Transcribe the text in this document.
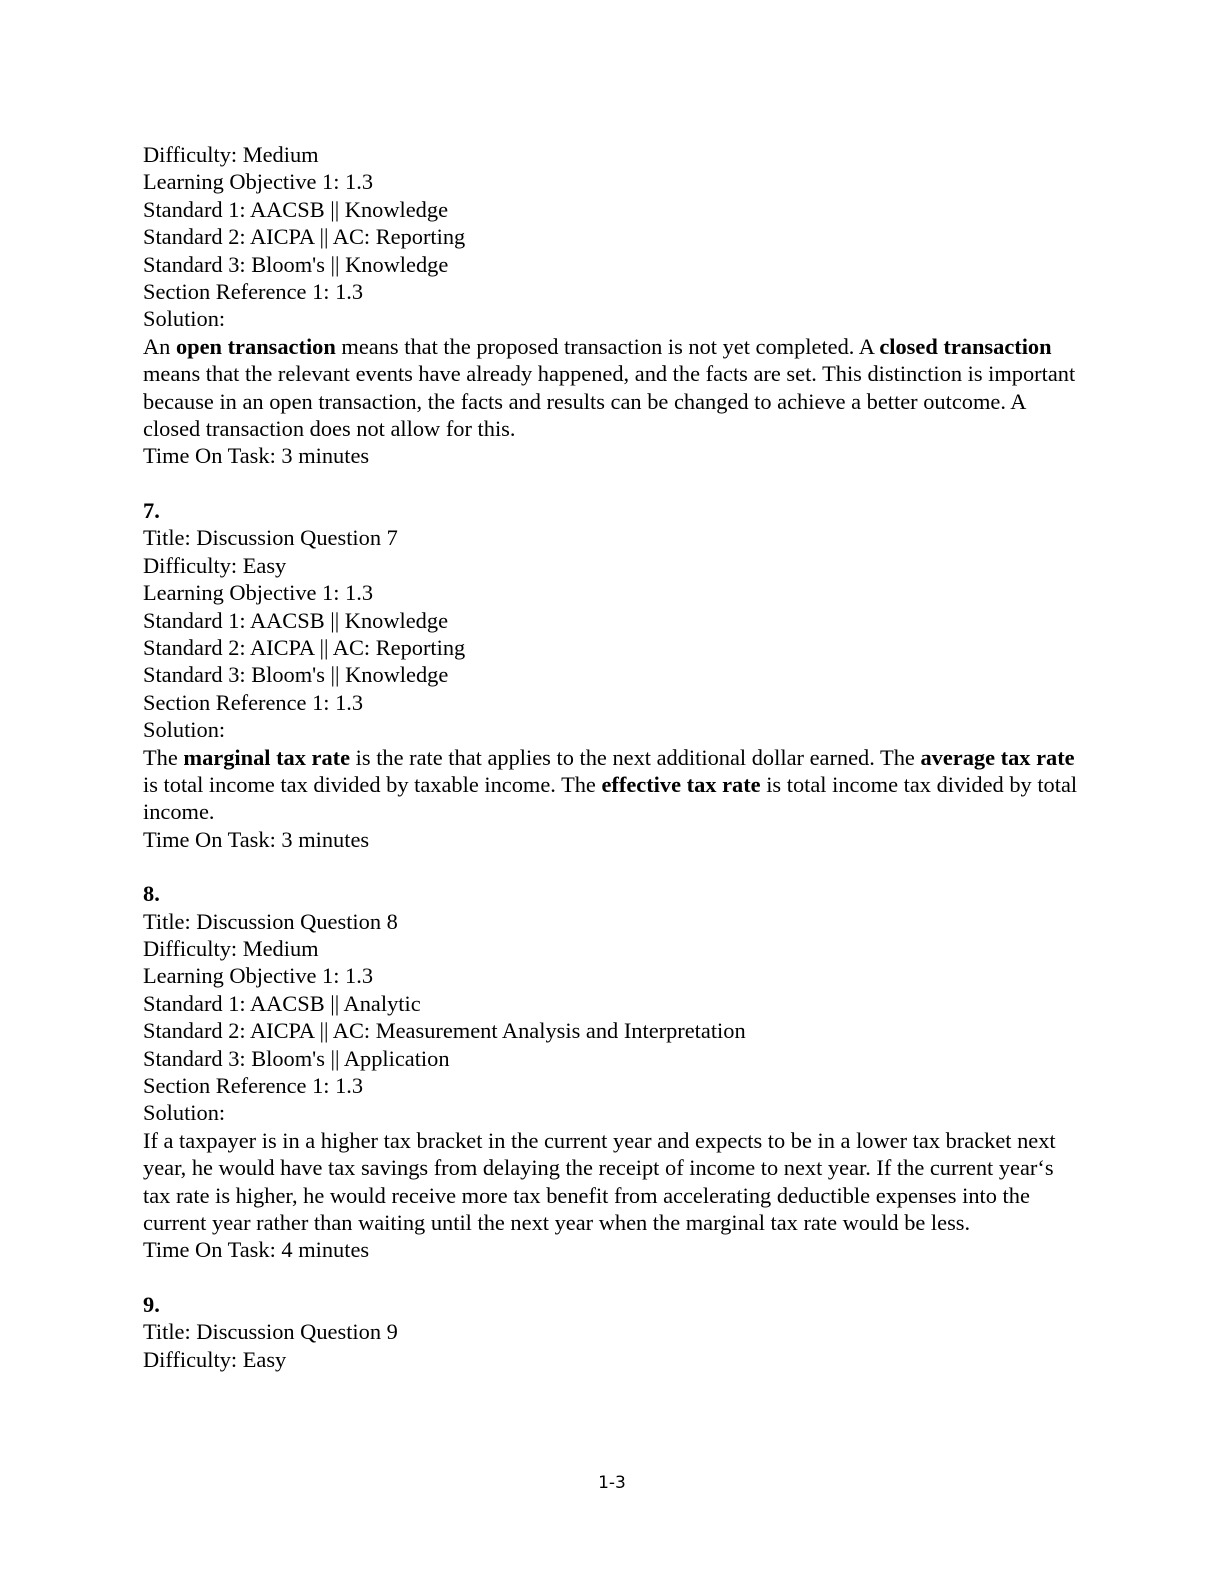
Difficulty: Medium
Learning Objective 1: 1.3
Standard 1: AACSB || Knowledge
Standard 2: AICPA || AC: Reporting
Standard 3: Bloom's || Knowledge
Section Reference 1: 1.3
Solution:

An open transaction means that the proposed transaction is not yet completed. A closed transaction means that the relevant events have already happened, and the facts are set. This distinction is important because in an open transaction, the facts and results can be changed to achieve a better outcome. A closed transaction does not allow for this.

Time On Task: 3 minutes
7.
Title: Discussion Question 7
Difficulty: Easy
Learning Objective 1: 1.3
Standard 1: AACSB || Knowledge
Standard 2: AICPA || AC: Reporting
Standard 3: Bloom's || Knowledge
Section Reference 1: 1.3
Solution:

The marginal tax rate is the rate that applies to the next additional dollar earned. The average tax rate is total income tax divided by taxable income. The effective tax rate is total income tax divided by total income.

Time On Task: 3 minutes
8.
Title: Discussion Question 8
Difficulty: Medium
Learning Objective 1: 1.3
Standard 1: AACSB || Analytic
Standard 2: AICPA || AC: Measurement Analysis and Interpretation
Standard 3: Bloom's || Application
Section Reference 1: 1.3
Solution:

If a taxpayer is in a higher tax bracket in the current year and expects to be in a lower tax bracket next year, he would have tax savings from delaying the receipt of income to next year. If the current year‘s tax rate is higher, he would receive more tax benefit from accelerating deductible expenses into the current year rather than waiting until the next year when the marginal tax rate would be less.

Time On Task: 4 minutes
9.
Title: Discussion Question 9
Difficulty: Easy
1-3
